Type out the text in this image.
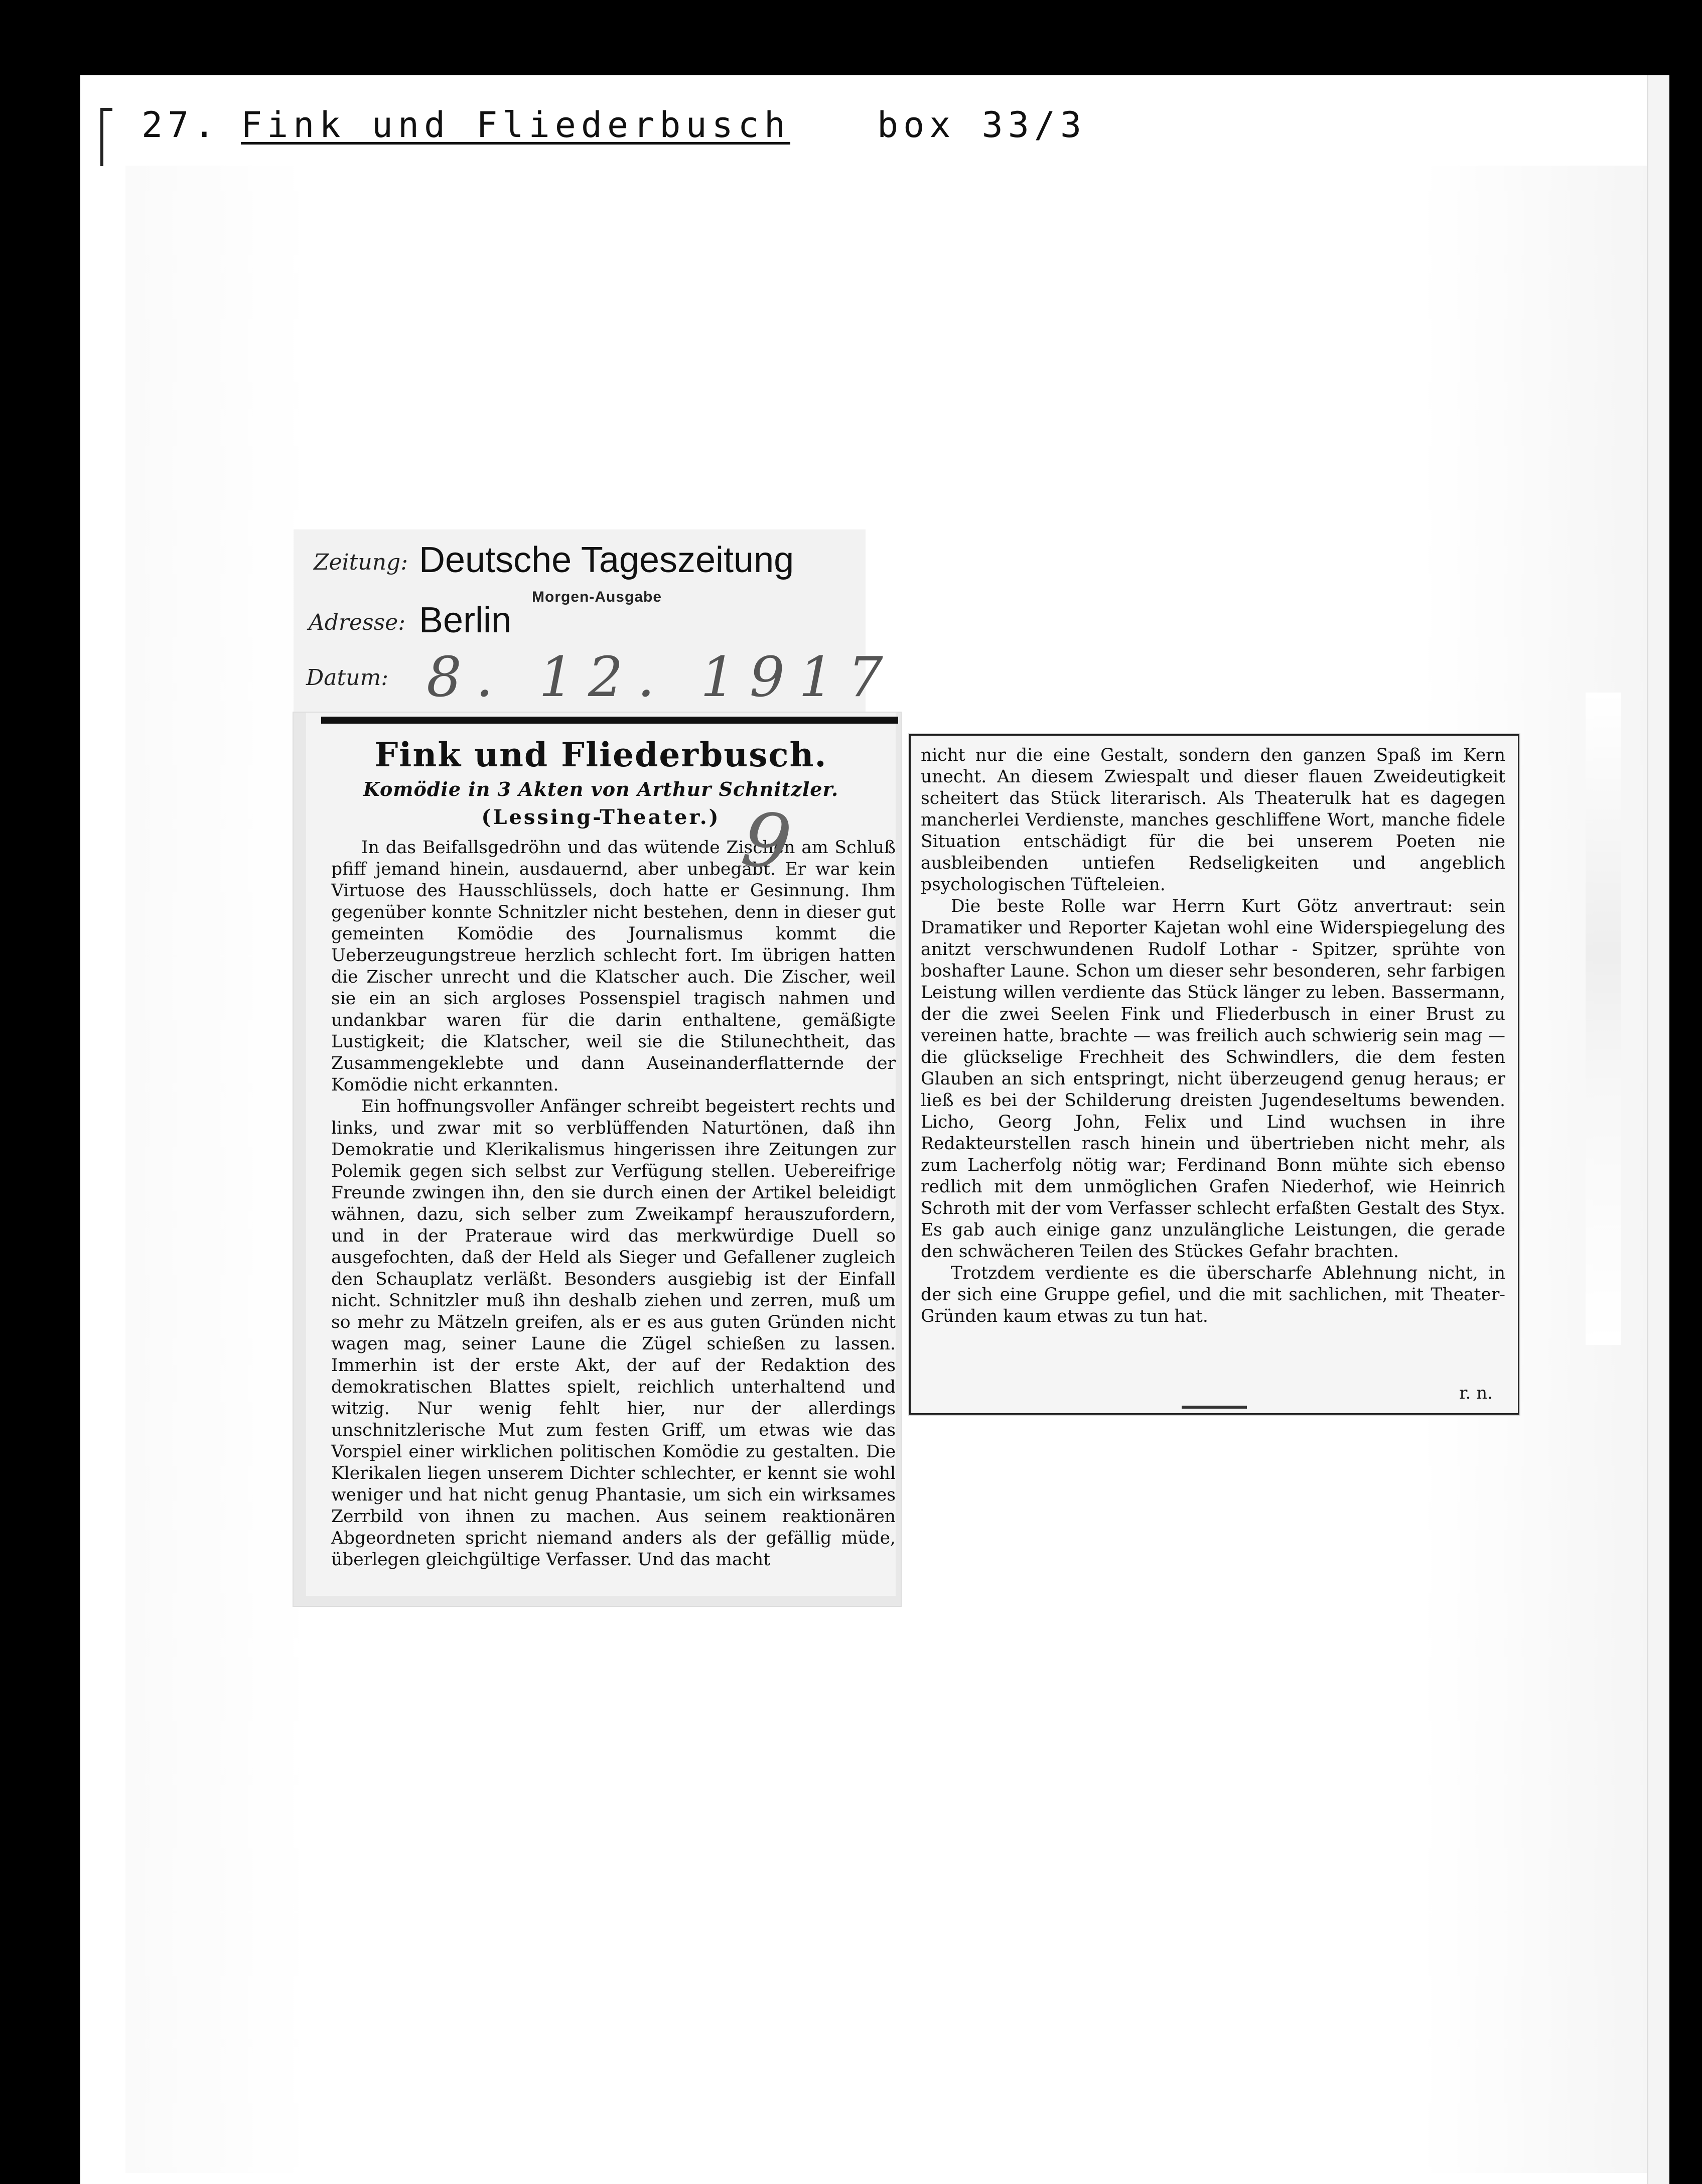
27. Fink und Fliederbusch box 33/3
Zeitung: Deutsche Tageszeitung
Morgen-Ausgabe
Adresse: Berlin
Datum: 8. 12. 1917
Fink und Fliederbusch.
Komödie in 3 Akten von Arthur Schnitzler.
(Lessing-Theater.)

In das Beifallsgedröhn und das wütende Zischen am Schluß pfiff jemand hinein, ausdauernd, aber unbegabt. Er war kein Virtuose des Hausschlüssels, doch hatte er Gesinnung. Ihm gegenüber konnte Schnitzler nicht bestehen, denn in dieser gut gemeinten Komödie des Journalismus kommt die Ueberzeugungstreue herzlich schlecht fort. Im übrigen hatten die Zischer unrecht und die Klatscher auch. Die Zischer, weil sie ein an sich argloses Possenspiel tragisch nahmen und undankbar waren für die darin enthaltene, gemäßigte Lustigkeit; die Klatscher, weil sie die Stilunechtheit, das Zusammengeklebte und dann Auseinanderflatternde der Komödie nicht erkannten.

Ein hoffnungsvoller Anfänger schreibt begeistert rechts und links, und zwar mit so verblüffenden Naturtönen, daß ihn Demokratie und Klerikalismus hingerissen ihre Zeitungen zur Polemik gegen sich selbst zur Verfügung stellen. Uebereifrige Freunde zwingen ihn, den sie durch einen der Artikel beleidigt wähnen, dazu, sich selber zum Zweikampf herauszufordern, und in der Prateraue wird das merkwürdige Duell so ausgefochten, daß der Held als Sieger und Gefallener zugleich den Schauplatz verläßt. Besonders ausgiebig ist der Einfall nicht. Schnitzler muß ihn deshalb ziehen und zerren, muß um so mehr zu Mätzeln greifen, als er es aus guten Gründen nicht wagen mag, seiner Laune die Zügel schießen zu lassen. Immerhin ist der erste Akt, der auf der Redaktion des demokratischen Blattes spielt, reichlich unterhaltend und witzig. Nur wenig fehlt hier, nur der allerdings unschnitzlerische Mut zum festen Griff, um etwas wie das Vorspiel einer wirklichen politischen Komödie zu gestalten. Die Klerikalen liegen unserem Dichter schlechter, er kennt sie wohl weniger und hat nicht genug Phantasie, um sich ein wirksames Zerrbild von ihnen zu machen. Aus seinem reaktionären Abgeordneten spricht niemand anders als der gefällig müde, überlegen gleichgültige Verfasser. Und das macht

9

nicht nur die eine Gestalt, sondern den ganzen Spaß im Kern unecht. An diesem Zwiespalt und dieser flauen Zweideutigkeit scheitert das Stück literarisch. Als Theaterulk hat es dagegen mancherlei Verdienste, manches geschliffene Wort, manche fidele Situation entschädigt für die bei unserem Poeten nie ausbleibenden untiefen Redseligkeiten und angeblich psychologischen Tüfteleien.

Die beste Rolle war Herrn Kurt Götz anvertraut: sein Dramatiker und Reporter Kajetan wohl eine Widerspiegelung des anitzt verschwundenen Rudolf Lothar - Spitzer, sprühte von boshafter Laune. Schon um dieser sehr besonderen, sehr farbigen Leistung willen verdiente das Stück länger zu leben. Bassermann, der die zwei Seelen Fink und Fliederbusch in einer Brust zu vereinen hatte, brachte — was freilich auch schwierig sein mag — die glückselige Frechheit des Schwindlers, die dem festen Glauben an sich entspringt, nicht überzeugend genug heraus; er ließ es bei der Schilderung dreisten Jugendeseltums bewenden. Licho, Georg John, Felix und Lind wuchsen in ihre Redakteurstellen rasch hinein und übertrieben nicht mehr, als zum Lacherfolg nötig war; Ferdinand Bonn mühte sich ebenso redlich mit dem unmöglichen Grafen Niederhof, wie Heinrich Schroth mit der vom Verfasser schlecht erfaßten Gestalt des Styx. Es gab auch einige ganz unzulängliche Leistungen, die gerade den schwächeren Teilen des Stückes Gefahr brachten.

Trotzdem verdiente es die überscharfe Ablehnung nicht, in der sich eine Gruppe gefiel, und die mit sachlichen, mit Theater-Gründen kaum etwas zu tun hat.

r. n.
